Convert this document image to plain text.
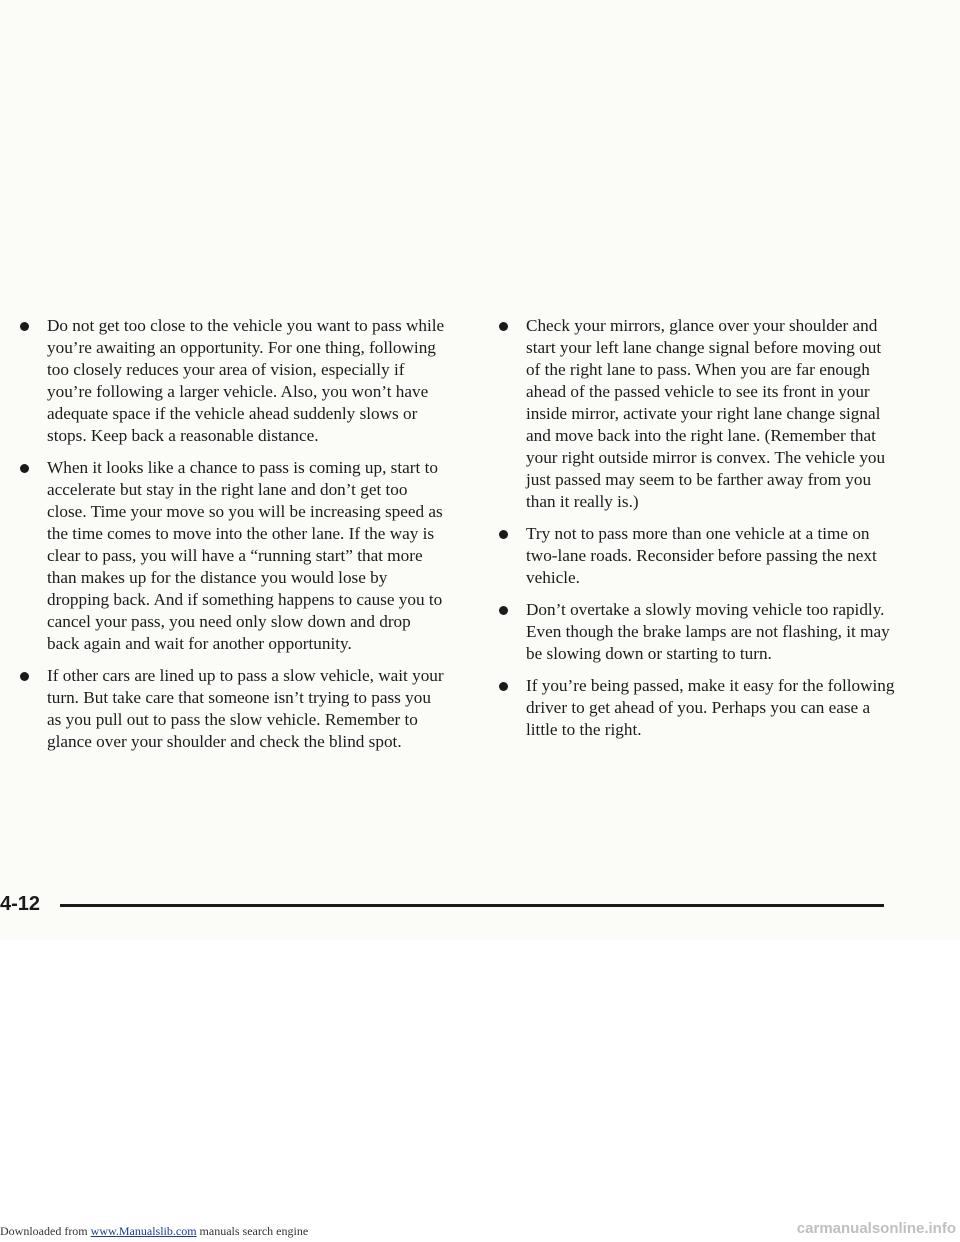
Do not get too close to the vehicle you want to pass while you’re awaiting an opportunity. For one thing, following too closely reduces your area of vision, especially if you’re following a larger vehicle. Also, you won’t have adequate space if the vehicle ahead suddenly slows or stops. Keep back a reasonable distance.
When it looks like a chance to pass is coming up, start to accelerate but stay in the right lane and don’t get too close. Time your move so you will be increasing speed as the time comes to move into the other lane. If the way is clear to pass, you will have a “running start” that more than makes up for the distance you would lose by dropping back. And if something happens to cause you to cancel your pass, you need only slow down and drop back again and wait for another opportunity.
If other cars are lined up to pass a slow vehicle, wait your turn. But take care that someone isn’t trying to pass you as you pull out to pass the slow vehicle. Remember to glance over your shoulder and check the blind spot.
Check your mirrors, glance over your shoulder and start your left lane change signal before moving out of the right lane to pass. When you are far enough ahead of the passed vehicle to see its front in your inside mirror, activate your right lane change signal and move back into the right lane. (Remember that your right outside mirror is convex. The vehicle you just passed may seem to be farther away from you than it really is.)
Try not to pass more than one vehicle at a time on two-lane roads. Reconsider before passing the next vehicle.
Don’t overtake a slowly moving vehicle too rapidly. Even though the brake lamps are not flashing, it may be slowing down or starting to turn.
If you’re being passed, make it easy for the following driver to get ahead of you. Perhaps you can ease a little to the right.
4-12
Downloaded from www.Manualslib.com manuals search engine	carmanualsonline.info
